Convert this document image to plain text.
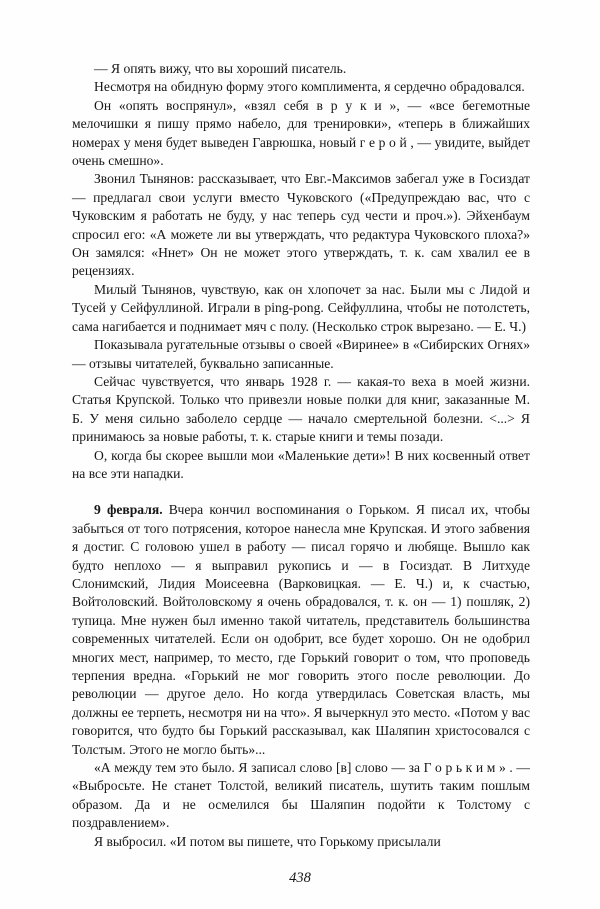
— Я опять вижу, что вы хороший писатель.

Несмотря на обидную форму этого комплимента, я сердечно обрадовался.

Он «опять воспрянул», «взял себя в р у к и », — «все бегемотные мелочишки я пишу прямо набело, для тренировки», «теперь в ближайших номерах у меня будет выведен Гаврюшка, новый г е р о й , — увидите, выйдет очень смешно».

Звонил Тынянов: рассказывает, что Евг.-Максимов забегал уже в Госиздат — предлагал свои услуги вместо Чуковского («Предупреждаю вас, что с Чуковским я работать не буду, у нас теперь суд чести и проч.»). Эйхенбаум спросил его: «А можете ли вы утверждать, что редактура Чуковского плоха?» Он замялся: «Ннет» Он не может этого утверждать, т. к. сам хвалил ее в рецензиях.

Милый Тынянов, чувствую, как он хлопочет за нас. Были мы с Лидой и Тусей у Сейфуллиной. Играли в ping-pong. Сейфуллина, чтобы не потолстеть, сама нагибается и поднимает мяч с полу. (Несколько строк вырезано. — Е. Ч.)

Показывала ругательные отзывы о своей «Виринее» в «Сибирских Огнях» — отзывы читателей, буквально записанные.

Сейчас чувствуется, что январь 1928 г. — какая-то веха в моей жизни. Статья Крупской. Только что привезли новые полки для книг, заказанные М. Б. У меня сильно заболело сердце — начало смертельной болезни. <...> Я принимаюсь за новые работы, т. к. старые книги и темы позади.

О, когда бы скорее вышли мои «Маленькие дети»! В них косвенный ответ на все эти нападки.

9 февраля. Вчера кончил воспоминания о Горьком. Я писал их, чтобы забыться от того потрясения, которое нанесла мне Крупская. И этого забвения я достиг. С головою ушел в работу — писал горячо и любяще. Вышло как будто неплохо — я выправил рукопись и — в Госиздат. В Литхуде Слонимский, Лидия Моисеевна (Варковицкая. — Е. Ч.) и, к счастью, Войтоловский. Войтоловскому я очень обрадовался, т. к. он — 1) пошляк, 2) тупица. Мне нужен был именно такой читатель, представитель большинства современных читателей. Если он одобрит, все будет хорошо. Он не одобрил многих мест, например, то место, где Горький говорит о том, что проповедь терпения вредна. «Горький не мог говорить этого после революции. До революции — другое дело. Но когда утвердилась Советская власть, мы должны ее терпеть, несмотря ни на что». Я вычеркнул это место. «Потом у вас говорится, что будто бы Горький рассказывал, как Шаляпин христосовался с Толстым. Этого не могло быть»...

«А между тем это было. Я записал слово [в] слово — за Г о р ь к и м » . — «Выбросьте. Не станет Толстой, великий писатель, шутить таким пошлым образом. Да и не осмелился бы Шаляпин подойти к Толстому с поздравлением».

Я выбросил. «И потом вы пишете, что Горькому присылали

438
